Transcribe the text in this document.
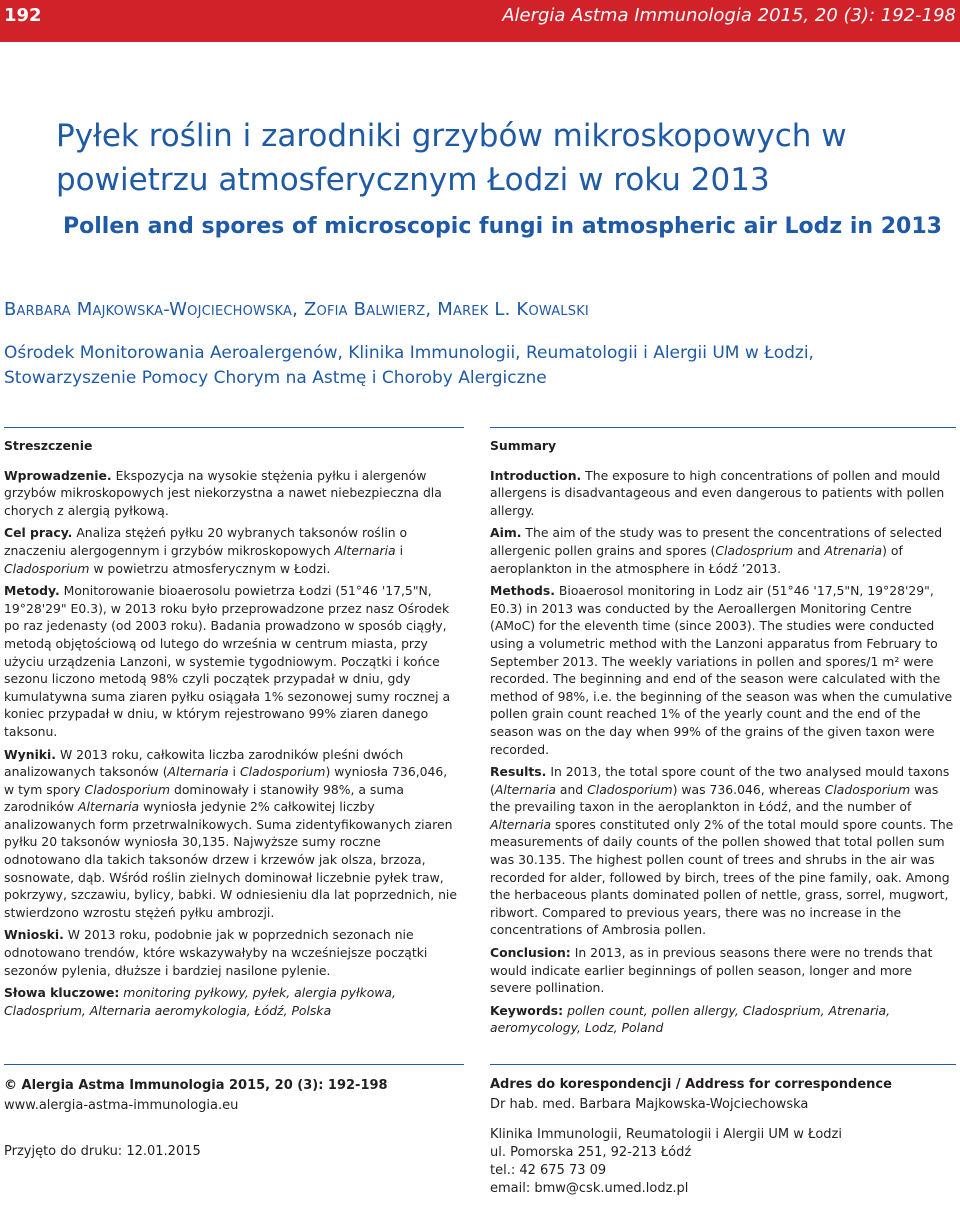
192	Alergia Astma Immunologia 2015, 20 (3): 192-198
Pyłek roślin i zarodniki grzybów mikroskopowych w powietrzu atmosferycznym Łodzi w roku 2013
Pollen and spores of microscopic fungi in atmospheric air Lodz in 2013
Barbara Majkowska-Wojciechowska, Zofia Balwierz, Marek L. Kowalski
Ośrodek Monitorowania Aeroalergenów, Klinika Immunologii, Reumatologii i Alergii UM w Łodzi, Stowarzyszenie Pomocy Chorym na Astmę i Choroby Alergiczne
Streszczenie

Wprowadzenie. Ekspozycja na wysokie stężenia pyłku i alergenów grzybów mikroskopowych jest niekorzystna a nawet niebezpieczna dla chorych z alergią pyłkową.

Cel pracy. Analiza stężeń pyłku 20 wybranych taksonów roślin o znaczeniu alergogennym i grzybów mikroskopowych Alternaria i Cladosporium w powietrzu atmosferycznym w Łodzi.

Metody. Monitorowanie bioaerosolu powietrza Łodzi (51°46 '17,5"N, 19°28'29" E0.3), w 2013 roku było przeprowadzone przez nasz Ośrodek po raz jedenasty (od 2003 roku). Badania prowadzono w sposób ciągły, metodą objętościową od lutego do września w centrum miasta, przy użyciu urządzenia Lanzoni, w systemie tygodniowym. Początki i końce sezonu liczono metodą 98% czyli początek przypadał w dniu, gdy kumulatywna suma ziaren pyłku osiągała 1% sezonowej sumy rocznej a koniec przypadał w dniu, w którym rejestrowano 99% ziaren danego taksonu.

Wyniki. W 2013 roku, całkowita liczba zarodników pleśni dwóch analizowanych taksonów (Alternaria i Cladosporium) wyniosła 736,046, w tym spory Cladosporium dominowały i stanowiły 98%, a suma zarodników Alternaria wyniosła jedynie 2% całkowitej liczby analizowanych form przetrwalnikowych. Suma zidentyfikowanych ziaren pyłku 20 taksonów wyniosła 30,135. Najwyższe sumy roczne odnotowano dla takich taksonów drzew i krzewów jak olsza, brzoza, sosnowate, dąb. Wśród roślin zielnych dominował liczebnie pyłek traw, pokrzywy, szczawiu, bylicy, babki. W odniesieniu dla lat poprzednich, nie stwierdzono wzrostu stężeń pyłku ambrozji.

Wnioski. W 2013 roku, podobnie jak w poprzednich sezonach nie odnotowano trendów, które wskazywałyby na wcześniejsze początki sezonów pylenia, dłuższe i bardziej nasilone pylenie.

Słowa kluczowe: monitoring pyłkowy, pyłek, alergia pyłkowa, Cladosprium, Alternaria aeromykologia, Łódź, Polska

Summary

Introduction. The exposure to high concentrations of pollen and mould allergens is disadvantageous and even dangerous to patients with pollen allergy.

Aim. The aim of the study was to present the concentrations of selected allergenic pollen grains and spores (Cladosprium and Atrenaria) of aeroplankton in the atmosphere in Łódź ’2013.

Methods. Bioaerosol monitoring in Lodz air (51°46 '17,5"N, 19°28'29", E0.3) in 2013 was conducted by the Aeroallergen Monitoring Centre (AMoC) for the eleventh time (since 2003). The studies were conducted using a volumetric method with the Lanzoni apparatus from February to September 2013. The weekly variations in pollen and spores/1 m² were recorded. The beginning and end of the season were calculated with the method of 98%, i.e. the beginning of the season was when the cumulative pollen grain count reached 1% of the yearly count and the end of the season was on the day when 99% of the grains of the given taxon were recorded.

Results. In 2013, the total spore count of the two analysed mould taxons (Alternaria and Cladosporium) was 736.046, whereas Cladosporium was the prevailing taxon in the aeroplankton in Łódź, and the number of Alternaria spores constituted only 2% of the total mould spore counts. The measurements of daily counts of the pollen showed that total pollen sum was 30.135. The highest pollen count of trees and shrubs in the air was recorded for alder, followed by birch, trees of the pine family, oak. Among the herbaceous plants dominated pollen of nettle, grass, sorrel, mugwort, ribwort. Compared to previous years, there was no increase in the concentrations of Ambrosia pollen.

Conclusion: In 2013, as in previous seasons there were no trends that would indicate earlier beginnings of pollen season, longer and more severe pollination.

Keywords: pollen count, pollen allergy, Cladosprium, Atrenaria, aeromycology, Lodz, Poland

© Alergia Astma Immunologia 2015, 20 (3): 192-198
www.alergia-astma-immunologia.eu
Przyjęto do druku: 12.01.2015
Adres do korespondencji / Address for correspondence
Dr hab. med. Barbara Majkowska-Wojciechowska
Klinika Immunologii, Reumatologii i Alergii UM w Łodzi
ul. Pomorska 251, 92-213 Łódź
tel.: 42 675 73 09
email: bmw@csk.umed.lodz.pl
